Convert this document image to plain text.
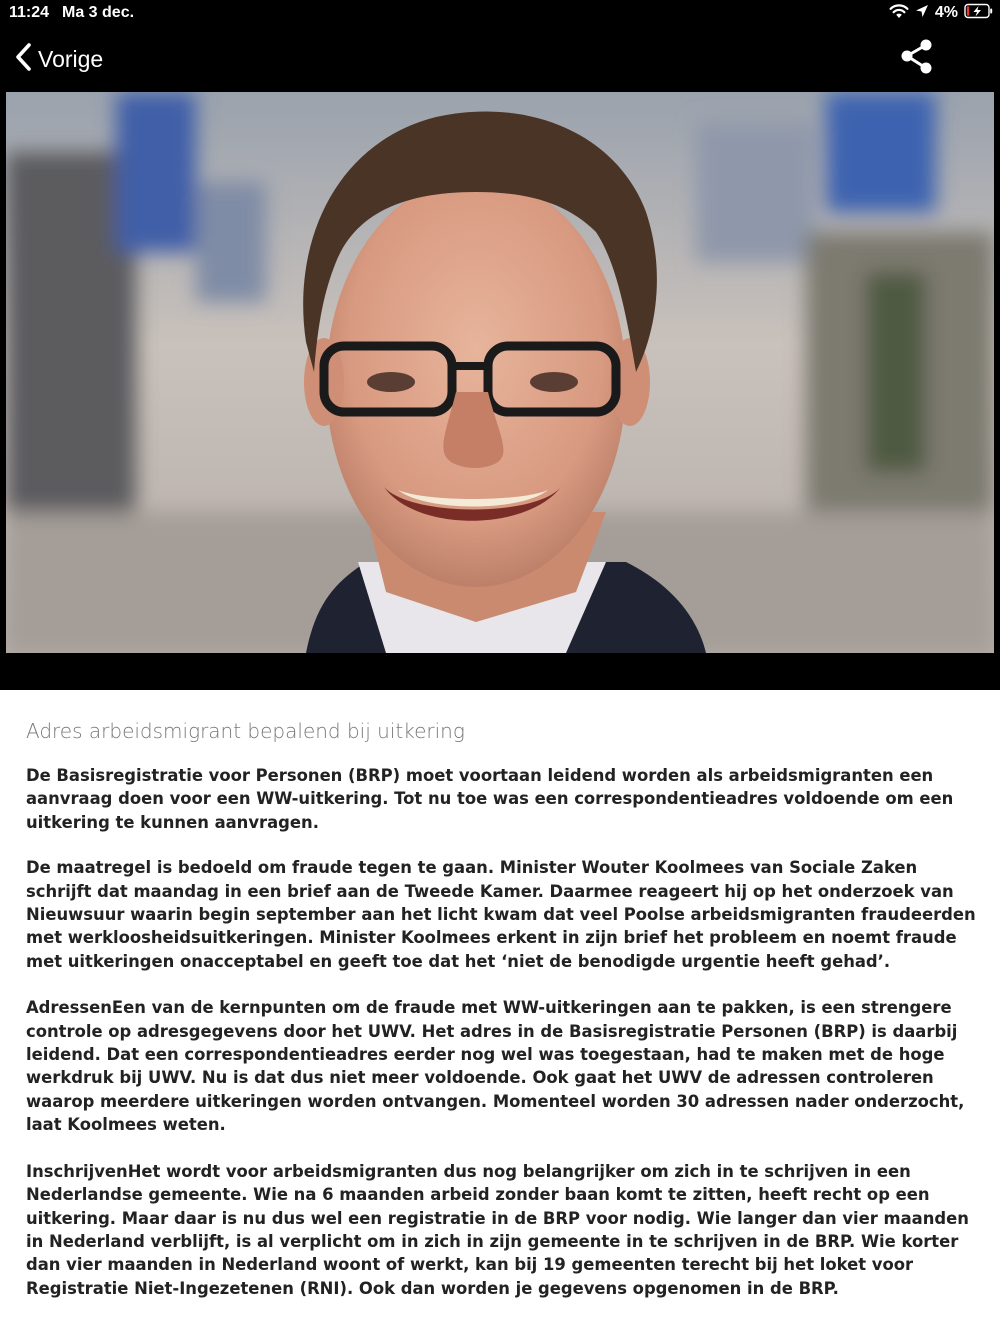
11:24 Ma 3 dec.	4%
Vorige
Adres arbeidsmigrant bepalend bij uitkering

De Basisregistratie voor Personen (BRP) moet voortaan leidend worden als arbeidsmigranten een aanvraag doen voor een WW-uitkering. Tot nu toe was een correspondentieadres voldoende om een uitkering te kunnen aanvragen.

De maatregel is bedoeld om fraude tegen te gaan. Minister Wouter Koolmees van Sociale Zaken schrijft dat maandag in een brief aan de Tweede Kamer. Daarmee reageert hij op het onderzoek van Nieuwsuur waarin begin september aan het licht kwam dat veel Poolse arbeidsmigranten fraudeerden met werkloosheidsuitkeringen. Minister Koolmees erkent in zijn brief het probleem en noemt fraude met uitkeringen onacceptabel en geeft toe dat het ‘niet de benodigde urgentie heeft gehad’.

AdressenEen van de kernpunten om de fraude met WW-uitkeringen aan te pakken, is een strengere controle op adresgegevens door het UWV. Het adres in de Basisregistratie Personen (BRP) is daarbij leidend. Dat een correspondentieadres eerder nog wel was toegestaan, had te maken met de hoge werkdruk bij UWV. Nu is dat dus niet meer voldoende. Ook gaat het UWV de adressen controleren waarop meerdere uitkeringen worden ontvangen. Momenteel worden 30 adressen nader onderzocht, laat Koolmees weten.

InschrijvenHet wordt voor arbeidsmigranten dus nog belangrijker om zich in te schrijven in een Nederlandse gemeente. Wie na 6 maanden arbeid zonder baan komt te zitten, heeft recht op een uitkering. Maar daar is nu dus wel een registratie in de BRP voor nodig. Wie langer dan vier maanden in Nederland verblijft, is al verplicht om in zich in zijn gemeente in te schrijven in de BRP. Wie korter dan vier maanden in Nederland woont of werkt, kan bij 19 gemeenten terecht bij het loket voor Registratie Niet-Ingezetenen (RNI). Ook dan worden je gegevens opgenomen in de BRP.
